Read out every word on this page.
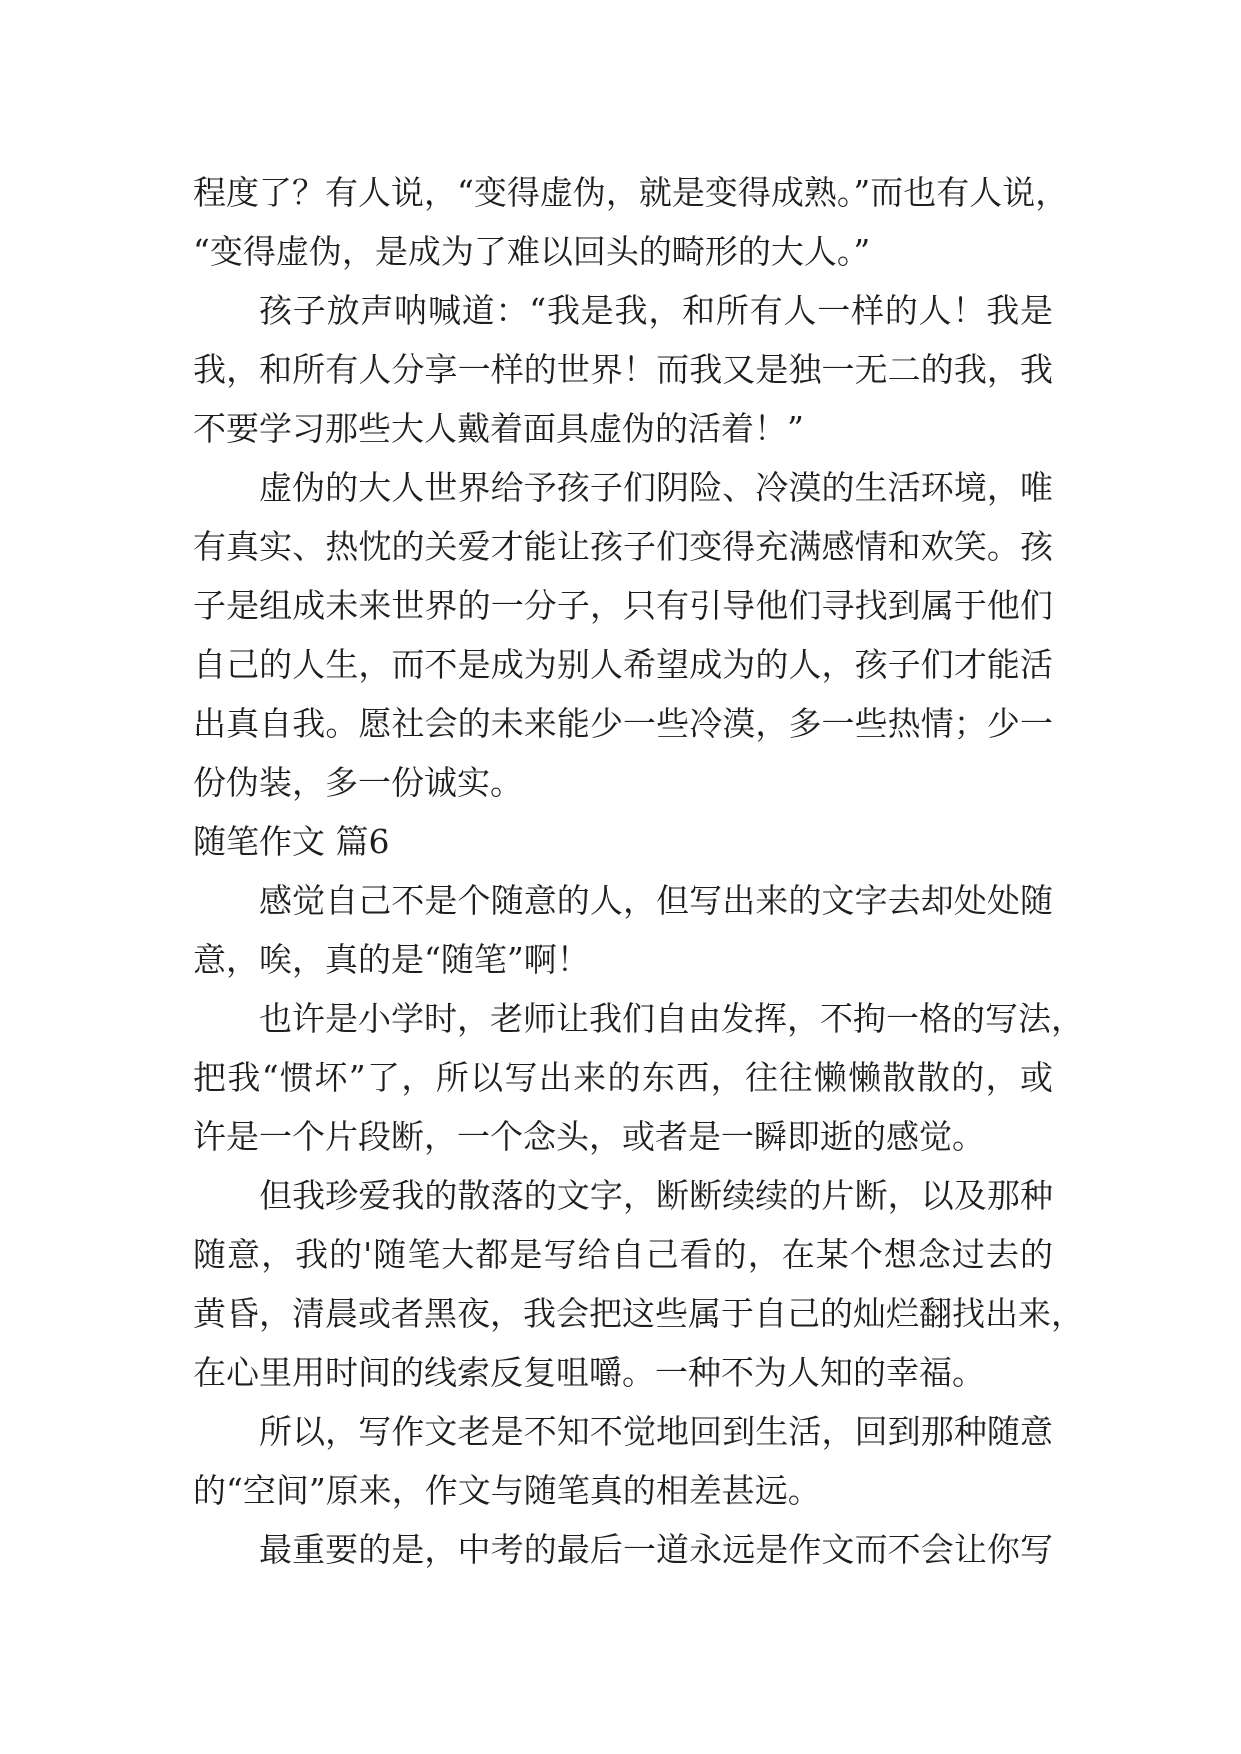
程度了？有人说，“变得虚伪，就是变得成熟。”而也有人说，
“变得虚伪，是成为了难以回头的畸形的大人。”
孩子放声呐喊道：“我是我，和所有人一样的人！我是
我，和所有人分享一样的世界！而我又是独一无二的我，我
不要学习那些大人戴着面具虚伪的活着！”
虚伪的大人世界给予孩子们阴险、冷漠的生活环境，唯
有真实、热忱的关爱才能让孩子们变得充满感情和欢笑。孩
子是组成未来世界的一分子，只有引导他们寻找到属于他们
自己的人生，而不是成为别人希望成为的人，孩子们才能活
出真自我。愿社会的未来能少一些冷漠，多一些热情；少一
份伪装，多一份诚实。
随笔作文 篇6
感觉自己不是个随意的人，但写出来的文字去却处处随
意，唉，真的是“随笔”啊！
也许是小学时，老师让我们自由发挥，不拘一格的写法，
把我“惯坏”了，所以写出来的东西，往往懒懒散散的，或
许是一个片段断，一个念头，或者是一瞬即逝的感觉。
但我珍爱我的散落的文字，断断续续的片断，以及那种
随意，我的'随笔大都是写给自己看的，在某个想念过去的
黄昏，清晨或者黑夜，我会把这些属于自己的灿烂翻找出来，
在心里用时间的线索反复咀嚼。一种不为人知的幸福。
所以，写作文老是不知不觉地回到生活，回到那种随意
的“空间”原来，作文与随笔真的相差甚远。
最重要的是，中考的最后一道永远是作文而不会让你写
